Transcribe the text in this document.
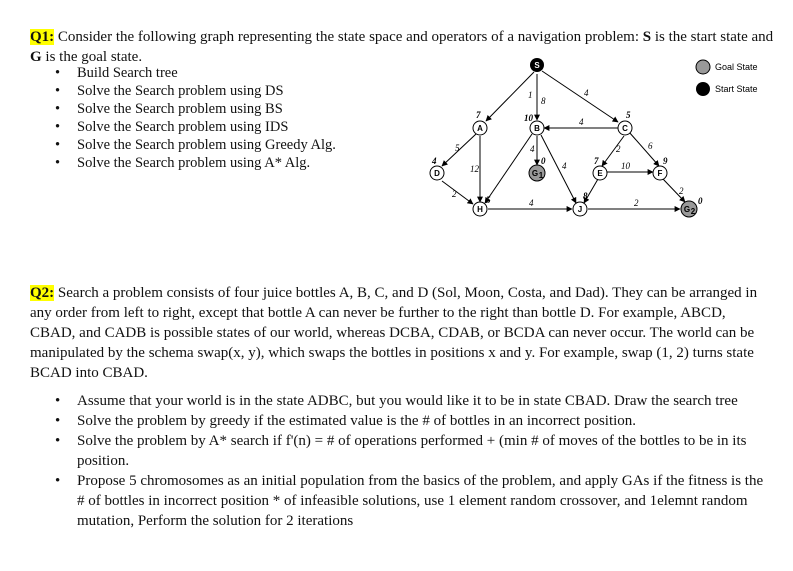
Q1: Consider the following graph representing the state space and operators of a navigation problem: S is the start state and G is the goal state.
• Build Search tree
• Solve the Search problem using DS
• Solve the Search problem using BS
• Solve the Search problem using IDS
• Solve the Search problem using Greedy Alg.
• Solve the Search problem using A* Alg.
S
A	B	C
D	G 1	E	F
H	J	G 2
1
8
4
4
6
5
12
4
4
2
4
2
10
2
2
7	10	5
4
5
0	7
8
9
0
Goal State
Start State
Q2: Search a problem consists of four juice bottles A, B, C, and D (Sol, Moon, Costa, and Dad). They can be arranged in any order from left to right, except that bottle A can never be further to the right than bottle D. For example, ABCD, CBAD, and CADB is possible states of our world, whereas DCBA, CDAB, or BCDA can never occur. The world can be manipulated by the schema swap(x, y), which swaps the bottles in positions x and y. For example, swap (1, 2) turns state BCAD into CBAD.
• Assume that your world is in the state ADBC, but you would like it to be in state CBAD. Draw the search tree
• Solve the problem by greedy if the estimated value is the # of bottles in an incorrect position.
• Solve the problem by A* search if f'(n) = # of operations performed + (min # of moves of the bottles to be in its position.
• Propose 5 chromosomes as an initial population from the basics of the problem, and apply GAs if the fitness is the # of bottles in incorrect position * of infeasible solutions, use 1 element random crossover, and 1elemnt random mutation, Perform the solution for 2 iterations
